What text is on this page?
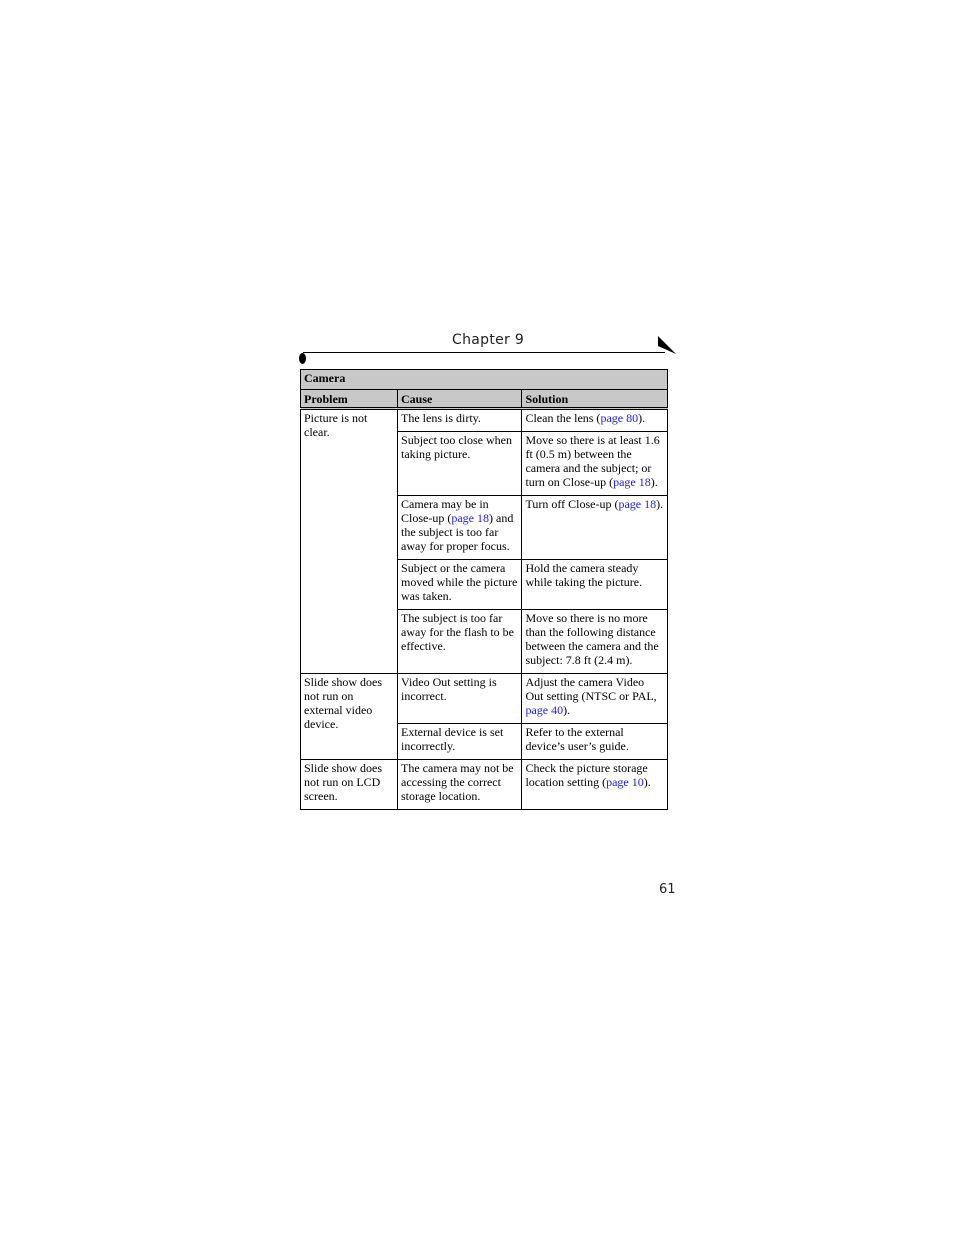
Chapter 9
Camera		
Problem	Cause	Solution
Picture is not clear.	The lens is dirty.	Clean the lens (page 80).
	Subject too close when taking picture.	Move so there is at least 1.6 ft (0.5 m) between the camera and the subject; or turn on Close-up (page 18).
	Camera may be in Close-up (page 18) and the subject is too far away for proper focus.	Turn off Close-up (page 18).
	Subject or the camera moved while the picture was taken.	Hold the camera steady while taking the picture.
	The subject is too far away for the flash to be effective.	Move so there is no more than the following distance between the camera and the subject: 7.8 ft (2.4 m).
Slide show does not run on external video device.	Video Out setting is incorrect.	Adjust the camera Video Out setting (NTSC or PAL, page 40).
	External device is set incorrectly.	Refer to the external device’s user’s guide.
Slide show does not run on LCD screen.	The camera may not be accessing the correct storage location.	Check the picture storage location setting (page 10).
61
